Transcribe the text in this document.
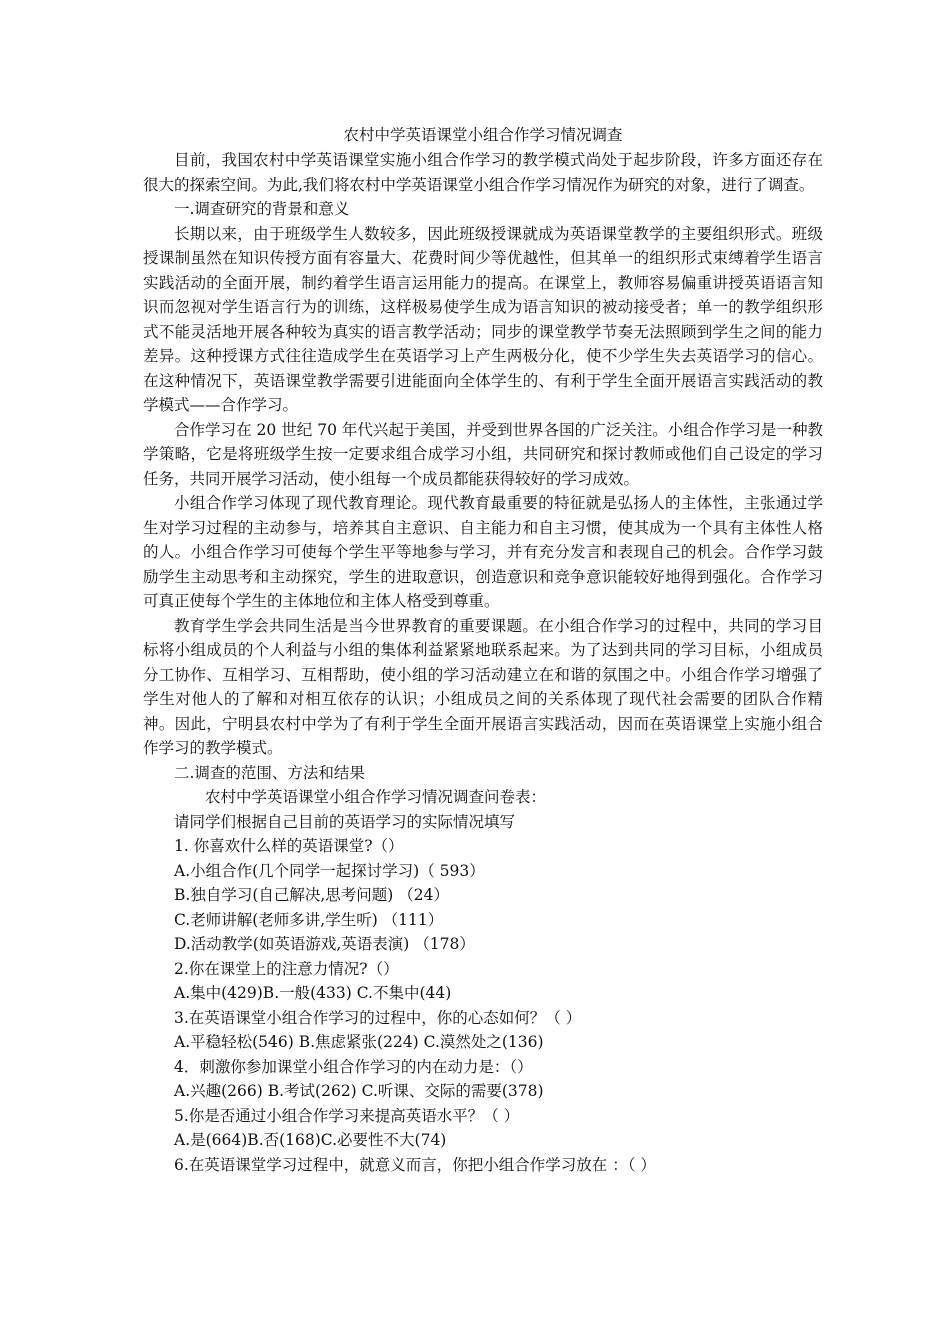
农村中学英语课堂小组合作学习情况调查

目前，我国农村中学英语课堂实施小组合作学习的教学模式尚处于起步阶段，许多方面还存在很大的探索空间。为此,我们将农村中学英语课堂小组合作学习情况作为研究的对象，进行了调查。

一.调查研究的背景和意义

长期以来，由于班级学生人数较多，因此班级授课就成为英语课堂教学的主要组织形式。班级授课制虽然在知识传授方面有容量大、花费时间少等优越性，但其单一的组织形式束缚着学生语言实践活动的全面开展，制约着学生语言运用能力的提高。在课堂上，教师容易偏重讲授英语语言知识而忽视对学生语言行为的训练，这样极易使学生成为语言知识的被动接受者；单一的教学组织形式不能灵活地开展各种较为真实的语言教学活动；同步的课堂教学节奏无法照顾到学生之间的能力差异。这种授课方式往往造成学生在英语学习上产生两极分化，使不少学生失去英语学习的信心。在这种情况下，英语课堂教学需要引进能面向全体学生的、有利于学生全面开展语言实践活动的教学模式——合作学习。

合作学习在 20 世纪 70 年代兴起于美国，并受到世界各国的广泛关注。小组合作学习是一种教学策略，它是将班级学生按一定要求组合成学习小组，共同研究和探讨教师或他们自己设定的学习任务，共同开展学习活动，使小组每一个成员都能获得较好的学习成效。

小组合作学习体现了现代教育理论。现代教育最重要的特征就是弘扬人的主体性，主张通过学生对学习过程的主动参与，培养其自主意识、自主能力和自主习惯，使其成为一个具有主体性人格的人。小组合作学习可使每个学生平等地参与学习，并有充分发言和表现自己的机会。合作学习鼓励学生主动思考和主动探究，学生的进取意识，创造意识和竞争意识能较好地得到强化。合作学习可真正使每个学生的主体地位和主体人格受到尊重。

教育学生学会共同生活是当今世界教育的重要课题。在小组合作学习的过程中，共同的学习目标将小组成员的个人利益与小组的集体利益紧紧地联系起来。为了达到共同的学习目标，小组成员分工协作、互相学习、互相帮助，使小组的学习活动建立在和谐的氛围之中。小组合作学习增强了学生对他人的了解和对相互依存的认识；小组成员之间的关系体现了现代社会需要的团队合作精神。因此，宁明县农村中学为了有利于学生全面开展语言实践活动，因而在英语课堂上实施小组合作学习的教学模式。

二.调查的范围、方法和结果

农村中学英语课堂小组合作学习情况调查问卷表：

请同学们根据自己目前的英语学习的实际情况填写

1. 你喜欢什么样的英语课堂?（）

A.小组合作(几个同学一起探讨学习)（ 593）

B.独自学习(自己解决,思考问题) （24）

C.老师讲解(老师多讲,学生听) （111）

D.活动教学(如英语游戏,英语表演) （178）

2.你在课堂上的注意力情况?（）

A.集中(429)B.一般(433) C.不集中(44)

3.在英语课堂小组合作学习的过程中，你的心态如何？（ ）

A.平稳轻松(546) B.焦虑紧张(224) C.漠然处之(136)

4．刺激你参加课堂小组合作学习的内在动力是：（）

A.兴趣(266) B.考试(262) C.听课、交际的需要(378)

5.你是否通过小组合作学习来提高英语水平？（ ）

A.是(664)B.否(168)C.必要性不大(74)

6.在英语课堂学习过程中，就意义而言，你把小组合作学习放在 ：（ ）
